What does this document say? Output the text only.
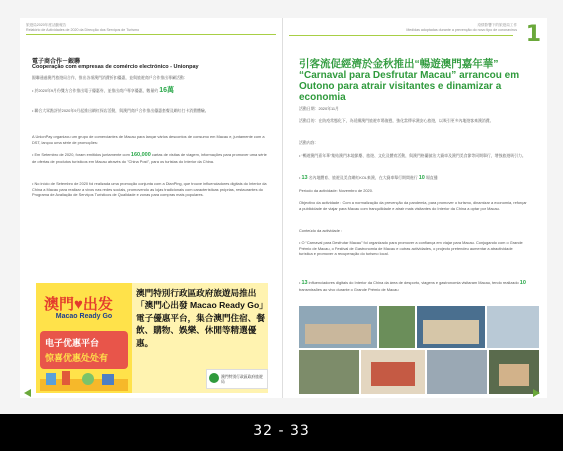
旅遊局2020年度活動報告
Relatório de Actividades de 2020 da Direcção dos Serviços de Turismo
電子商合作－銀聯
Cooperação com empresas de comércio electrónico - Unionpay
銀聯通過澳門旅遊局合作，推出各項澳門消費折扣優惠，並與旅遊商戶合作推出專屬活動：
• 於2020年9月份雙方合作推出電子優惠券，並推出商戶專享優惠，數量約 16萬
• 聯合大眾點評於2020年9月起推出網紅探店活動，與澳門商戶合作推出優惠套餐及網紅打卡消費體驗。
A UnionPay organizou um grupo de comerciantes de Macau para lançar vários descontos de consumo em Macau e, juntamente com a DST, lançou uma série de promoções:
• Em Setembro de 2020, foram emitidos juntamente com 160,000 cartas de visitas de viagem, informações para promover uma série de ofertas de produtos turísticos em Macau através do "China Post", para os turistas do Interior da China.
• No início de Setembro de 2020 foi realizada uma promoção conjunta com a DianPing, que trouxe influenciadores digitais do Interior da China a Macau para realizar a vivos nas redes sociais, promovendo as lojas tradicionais com características próprias, restaurantes do Programa de Avaliação de Serviços Turísticos de Qualidade e zonas para compras mais populares.
澳門♥出发
Macao Ready Go
电子优惠平台
惊喜优惠处处有
澳門特別行政區政府旅遊局推出「澳門心出發 Macao Ready Go」電子優惠平台，集合澳門住宿、餐飲、購物、娛樂、休閒等精選優惠。
澳門特別行政區政府旅遊局
疫情影響下的旅遊局工作
Medidas adoptadas durante a prevenção do novo tipo de coronavírus 1
引客流促經濟於金秋推出“暢遊澳門嘉年華”
“Carnaval para Desfrutar Macau” arrancou em Outono para atrair visitantes e dinamizar a economia
活動日期：2020年11月
活動目的：在防疫常態化下，為延續澳門旅遊市場復甦，強化當傳承澳安心旅遊，以吸引更多內地遊客來澳消費。
活動內容：
• “暢遊澳門嘉年華”集結澳門本地節慶、旅遊、文化及體育活動，與澳門格蘭披治大賽車及澳門美食節等同期舉行，增強旅遊吸引力。
• 13 名內地體育、旅遊及美食網紅KOL來澳，在大賽車舉行期間進行 10 場直播
Período da actividade: Novembro de 2020.
Objectivo da actividade : Com a normalização da prevenção da pandemia, para promover o turismo, dinamizar a economia, reforçar a publicidade de viajar para Macau com tranquilidade e atrair mais visitantes do Interior da China a optar por Macau.
Conteúdo da actividade :
• O “Carnaval para Desfrutar Macau” foi organizado para promover a confiança em viajar para Macau. Conjugando com o Grande Prémio de Macau, o Festival de Gastronomia de Macau e outras actividades, o projecto pretendeu aumentar a atractividade turística e promover a recuperação do turismo local.
• 13 influenciadores digitais do Interior da China da área de desporto, viagens e gastronomia visitaram Macau, tendo realizado 10 transmissões ao vivo durante o Grande Prémio de Macau
32 - 33
